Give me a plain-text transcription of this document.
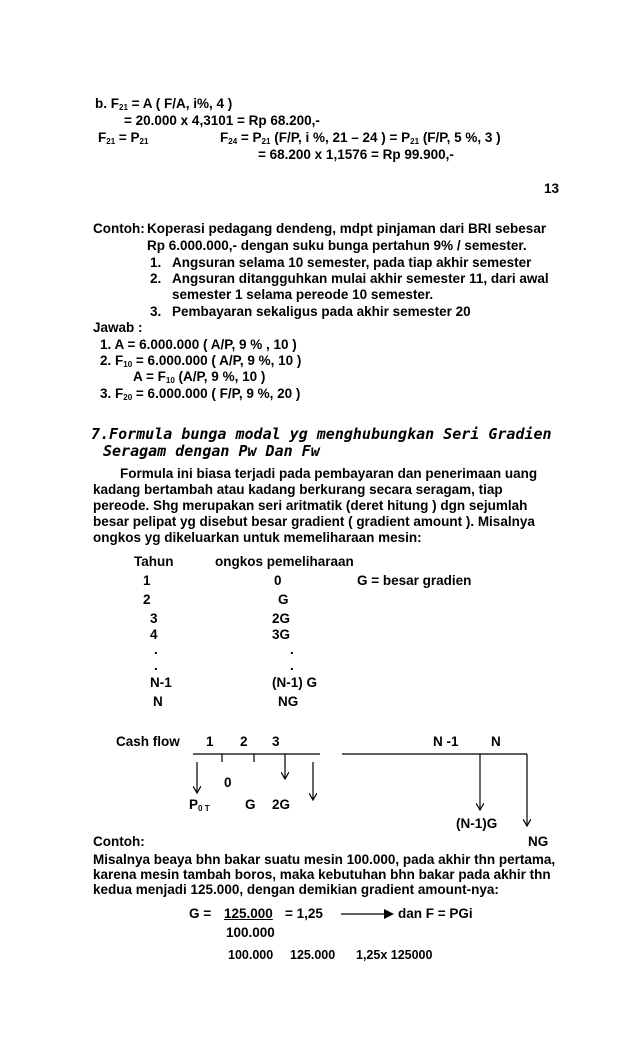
b. $F_{21} = A$ ( F/A, i%, 4 )
= 20.000 x 4,3101 = Rp 68.200,-
$F_{21} = P_{21}$	$F_{24} = P_{21}$ (F/P, i %, 21 – 24 ) = $P_{21}$ (F/P, 5 %, 3 )
= 68.200 x 1,1576 = Rp 99.900,-
13
Contoh: Koperasi pedagang dendeng, mdpt pinjaman dari BRI sebesar
Rp 6.000.000,- dengan suku bunga pertahun 9% / semester.
1. Angsuran selama 10 semester, pada tiap akhir semester
2. Angsuran ditangguhkan mulai akhir semester 11, dari awal
semester 1 selama pereode 10 semester.
3. Pembayaran sekaligus pada akhir semester 20
Jawab :
1. A = 6.000.000 ( A/P, 9 % , 10 )
2. $F_{10} = 6.000.000$ ( A/P, 9 %, 10 )
$A = F_{10}$ (A/P, 9 %, 10 )
3. $F_{20} = 6.000.000$ ( F/P, 9 %, 20 )
7.Formula bunga modal yg menghubungkan Seri Gradien
Seragam dengan Pw Dan Fw
Formula ini biasa terjadi pada pembayaran dan penerimaan uang
kadang bertambah atau kadang berkurang secara seragam, tiap
pereode. Shg merupakan seri aritmatik (deret hitung ) dgn sejumlah
besar pelipat yg disebut besar gradient ( gradient amount ). Misalnya
ongkos yg dikeluarkan untuk memeliharaan mesin:
Tahun	ongkos pemeliharaan
1	0	G = besar gradien
2	G
3	2G
4	3G
.	.
.	.
N-1	(N-1) G
N	NG
Cash flow 1 2 3	N -1 N
0
$P_{0 T}$	G 2G
(N-1)G
NG
Contoh:
Misalnya beaya bhn bakar suatu mesin 100.000, pada akhir thn pertama,
karena mesin tambah boros, maka kebutuhan bhn bakar pada akhir thn
kedua menjadi 125.000, dengan demikian gradient amount-nya:
G = 125.000 = 1,25	dan F = PGi
100.000
100.000 125.000 1,25x 125000
